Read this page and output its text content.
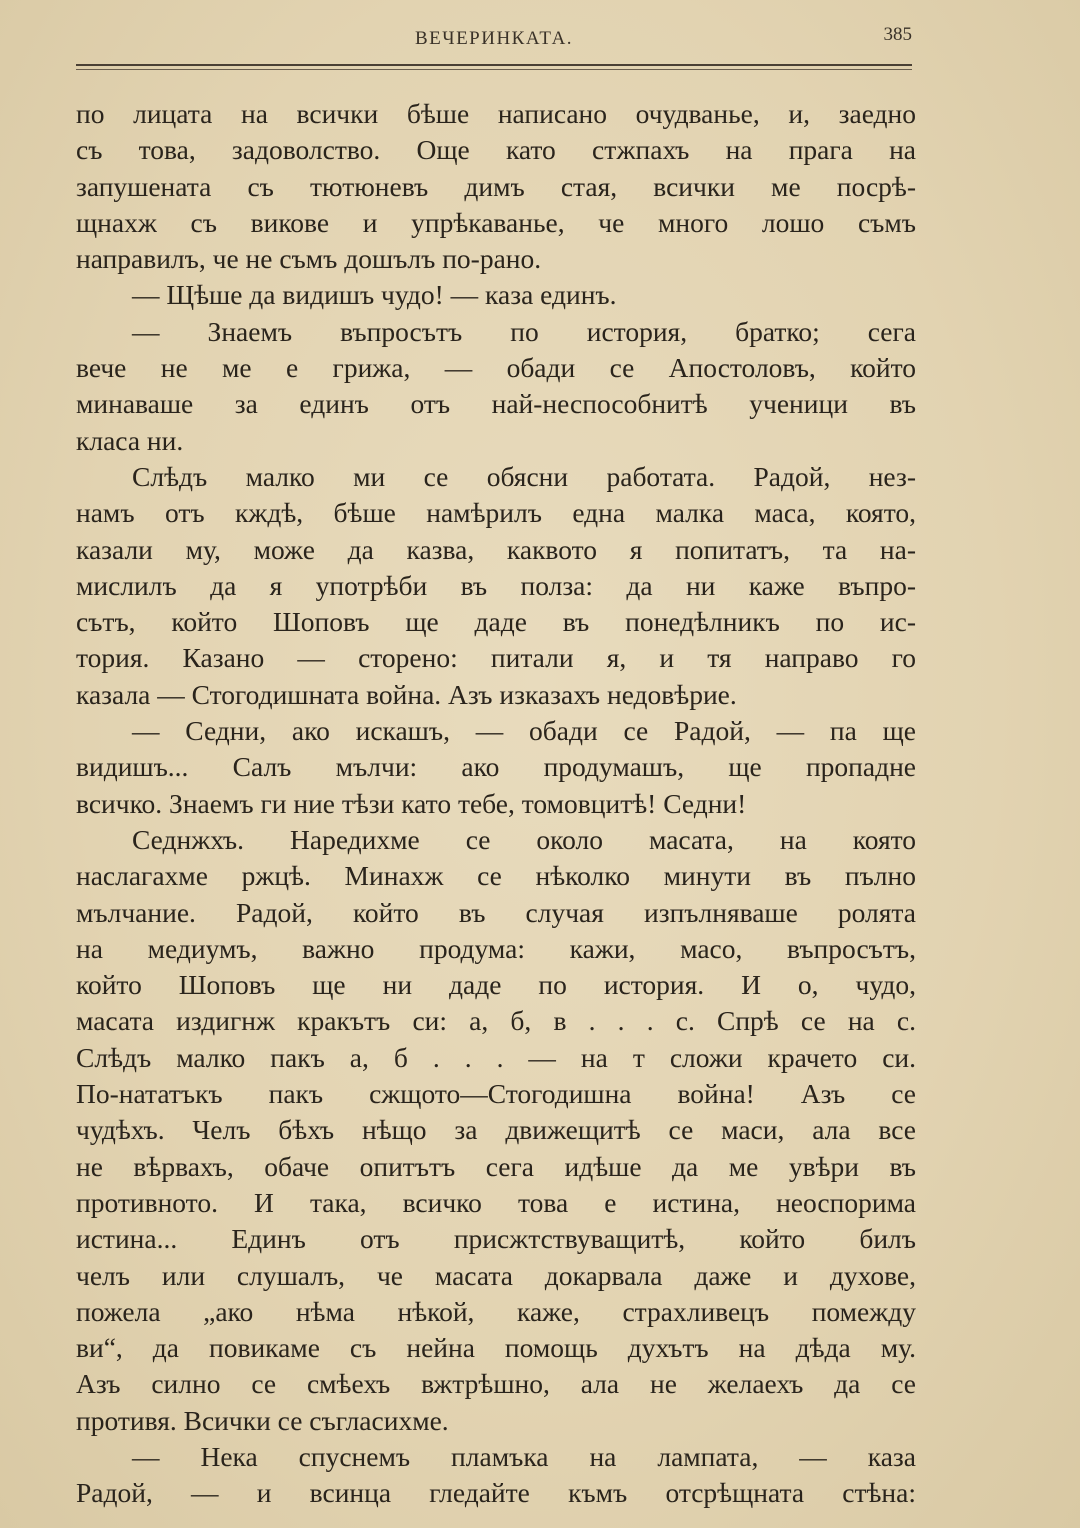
ВЕЧЕРИНКАТА.	385
по лицата на всички бѣше написано очудванье, и, заедно
съ това, задоволство. Още като стжпахъ на прага на
запушената съ тютюневъ димъ стая, всички ме посрѣ-
щнахж съ викове и упрѣкаванье, че много лошо съмъ
направилъ, че не съмъ дошълъ по-рано.
— Щѣше да видишъ чудо! — каза единъ.
— Знаемъ въпросътъ по история, братко; сега
вече не ме е грижа, — обади се Апостоловъ, който
минаваше за единъ отъ най-неспособнитѣ ученици въ
класа ни.
Слѣдъ малко ми се обясни работата. Радой, нез-
намъ отъ кждѣ, бѣше намѣрилъ една малка маса, която,
казали му, може да казва, каквото я попитатъ, та на-
мислилъ да я употрѣби въ полза: да ни каже въпро-
сътъ, който Шоповъ ще даде въ понедѣлникъ по ис-
тория. Казано — сторено: питали я, и тя направо го
казала — Стогодишната война. Азъ изказахъ недовѣрие.
— Седни, ако искашъ, — обади се Радой, — па ще
видишъ... Салъ мълчи: ако продумашъ, ще пропадне
всичко. Знаемъ ги ние тѣзи като тебе, томовцитѣ! Седни!
Седнжхъ. Наредихме се около масата, на която
наслагахме ржцѣ. Минахж се нѣколко минути въ пълно
мълчание. Радой, който въ случая изпълняваше ролята
на медиумъ, важно продума: кажи, масо, въпросътъ,
който Шоповъ ще ни даде по история. И о, чудо,
масата издигнж кракътъ си: а, б, в . . . с. Спрѣ се на с.
Слѣдъ малко пакъ а, б . . . — на т сложи крачето си.
По-нататъкъ пакъ сжщото—Стогодишна война! Азъ се
чудѣхъ. Челъ бѣхъ нѣщо за движещитѣ се маси, ала все
не вѣрвахъ, обаче опитътъ сега идѣше да ме увѣри въ
противното. И така, всичко това е истина, неоспорима
истина... Единъ отъ присжтствуващитѣ, който билъ
челъ или слушалъ, че масата докарвала даже и духове,
пожела „ако нѣма нѣкой, каже, страхливецъ помежду
ви“, да повикаме съ нейна помощь духътъ на дѣда му.
Азъ силно се смѣехъ вжтрѣшно, ала не желаехъ да се
противя. Всички се съгласихме.
— Нека спуснемъ пламъка на лампата, — каза
Радой, — и всинца гледайте къмъ отсрѣщната стѣна:
